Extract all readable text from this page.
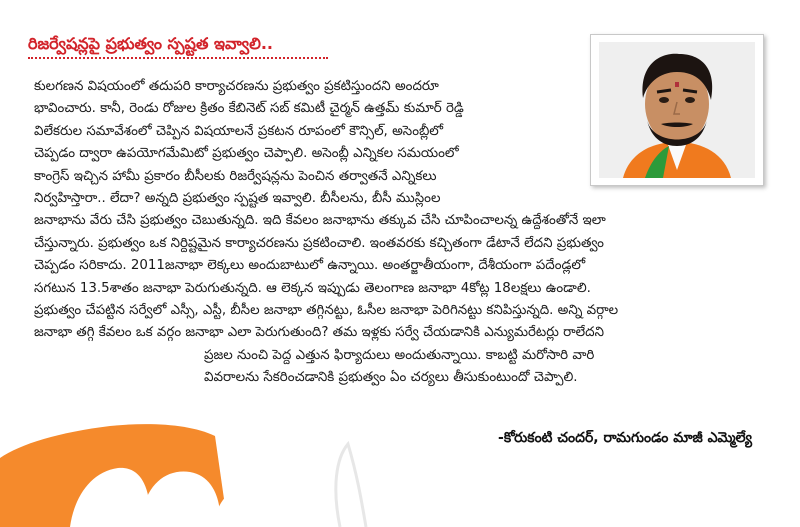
రిజర్వేషన్లపై ప్రభుత్వం స్పష్టత ఇవ్వాలి..
కులగణన విషయంలో తదుపరి కార్యాచరణను ప్రభుత్వం ప్రకటిస్తుందని అందరూ
భావించారు. కానీ, రెండు రోజుల క్రితం కేబినెట్ సబ్ కమిటీ చైర్మన్ ఉత్తమ్ కుమార్ రెడ్డి
విలేకరుల సమావేశంలో చెప్పిన విషయాలనే ప్రకటన రూపంలో కౌన్సిల్, అసెంబ్లీలో
చెప్పడం ద్వారా ఉపయోగమేమిటో ప్రభుత్వం చెప్పాలి. అసెంబ్లీ ఎన్నికల సమయంలో
కాంగ్రెస్ ఇచ్చిన హామీ ప్రకారం బీసీలకు రిజర్వేషన్లను పెంచిన తర్వాతనే ఎన్నికలు
నిర్వహిస్తారా.. లేదా? అన్నది ప్రభుత్వం స్పష్టత ఇవ్వాలి. బీసీలను, బీసీ ముస్లింల
జనాభాను వేరు చేసి ప్రభుత్వం చెబుతున్నది. ఇది కేవలం జనాభాను తక్కువ చేసి చూపించాలన్న ఉద్దేశంతోనే ఇలా
చేస్తున్నారు. ప్రభుత్వం ఒక నిర్దిష్టమైన కార్యాచరణను ప్రకటించాలి. ఇంతవరకు కచ్చితంగా డేటానే లేదని ప్రభుత్వం
చెప్పడం సరికాదు. 2011జనాభా లెక్కలు అందుబాటులో ఉన్నాయి. అంతర్జాతీయంగా, దేశీయంగా పదేండ్లలో
సగటున 13.5శాతం జనాభా పెరుగుతున్నది. ఆ లెక్కన ఇప్పుడు తెలంగాణ జనాభా 4కోట్ల 18లక్షలు ఉండాలి.
ప్రభుత్వం చేపట్టిన సర్వేలో ఎస్సీ, ఎస్టీ, బీసీల జనాభా తగ్గినట్టు, ఓసీల జనాభా పెరిగినట్టు కనిపిస్తున్నది. అన్ని వర్గాల
జనాభా తగ్గి కేవలం ఒక వర్గం జనాభా ఎలా పెరుగుతుంది? తమ ఇళ్లకు సర్వే చేయడానికి ఎన్యుమరేటర్లు రాలేదని
ప్రజల నుంచి పెద్ద ఎత్తున ఫిర్యాదులు అందుతున్నాయి. కాబట్టి మరోసారి వారి
వివరాలను సేకరించడానికి ప్రభుత్వం ఏం చర్యలు తీసుకుంటుందో చెప్పాలి.
-కోరుకంటి చందర్, రామగుండం మాజీ ఎమ్మెల్యే
